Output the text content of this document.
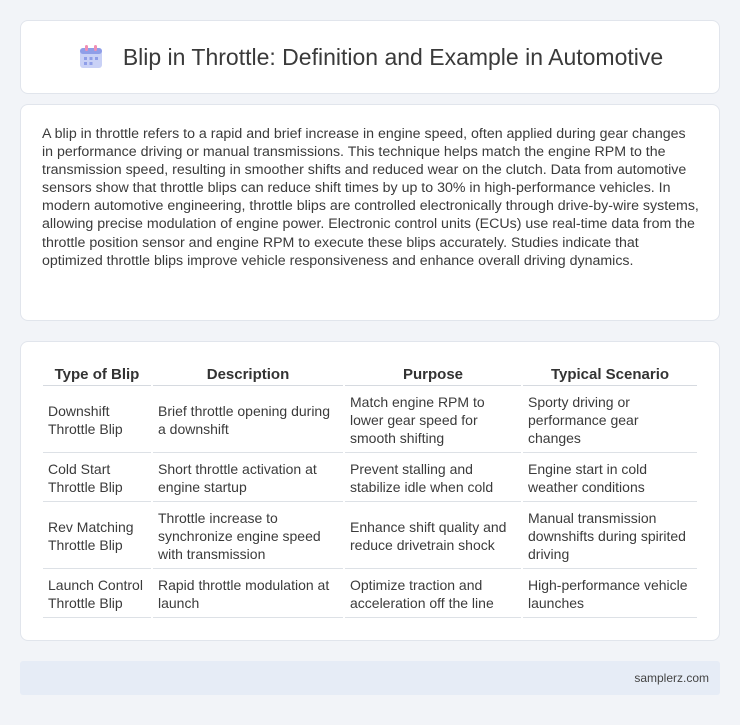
Blip in Throttle: Definition and Example in Automotive

A blip in throttle refers to a rapid and brief increase in engine speed, often applied during gear changes in performance driving or manual transmissions. This technique helps match the engine RPM to the transmission speed, resulting in smoother shifts and reduced wear on the clutch. Data from automotive sensors show that throttle blips can reduce shift times by up to 30% in high-performance vehicles. In modern automotive engineering, throttle blips are controlled electronically through drive-by-wire systems, allowing precise modulation of engine power. Electronic control units (ECUs) use real-time data from the throttle position sensor and engine RPM to execute these blips accurately. Studies indicate that optimized throttle blips improve vehicle responsiveness and enhance overall driving dynamics.

Type of Blip	Description	Purpose	Typical Scenario
Downshift Throttle Blip	Brief throttle opening during a downshift	Match engine RPM to lower gear speed for smooth shifting	Sporty driving or performance gear changes
Cold Start Throttle Blip	Short throttle activation at engine startup	Prevent stalling and stabilize idle when cold	Engine start in cold weather conditions
Rev Matching Throttle Blip	Throttle increase to synchronize engine speed with transmission	Enhance shift quality and reduce drivetrain shock	Manual transmission downshifts during spirited driving
Launch Control Throttle Blip	Rapid throttle modulation at launch	Optimize traction and acceleration off the line	High-performance vehicle launches
samplerz.com
